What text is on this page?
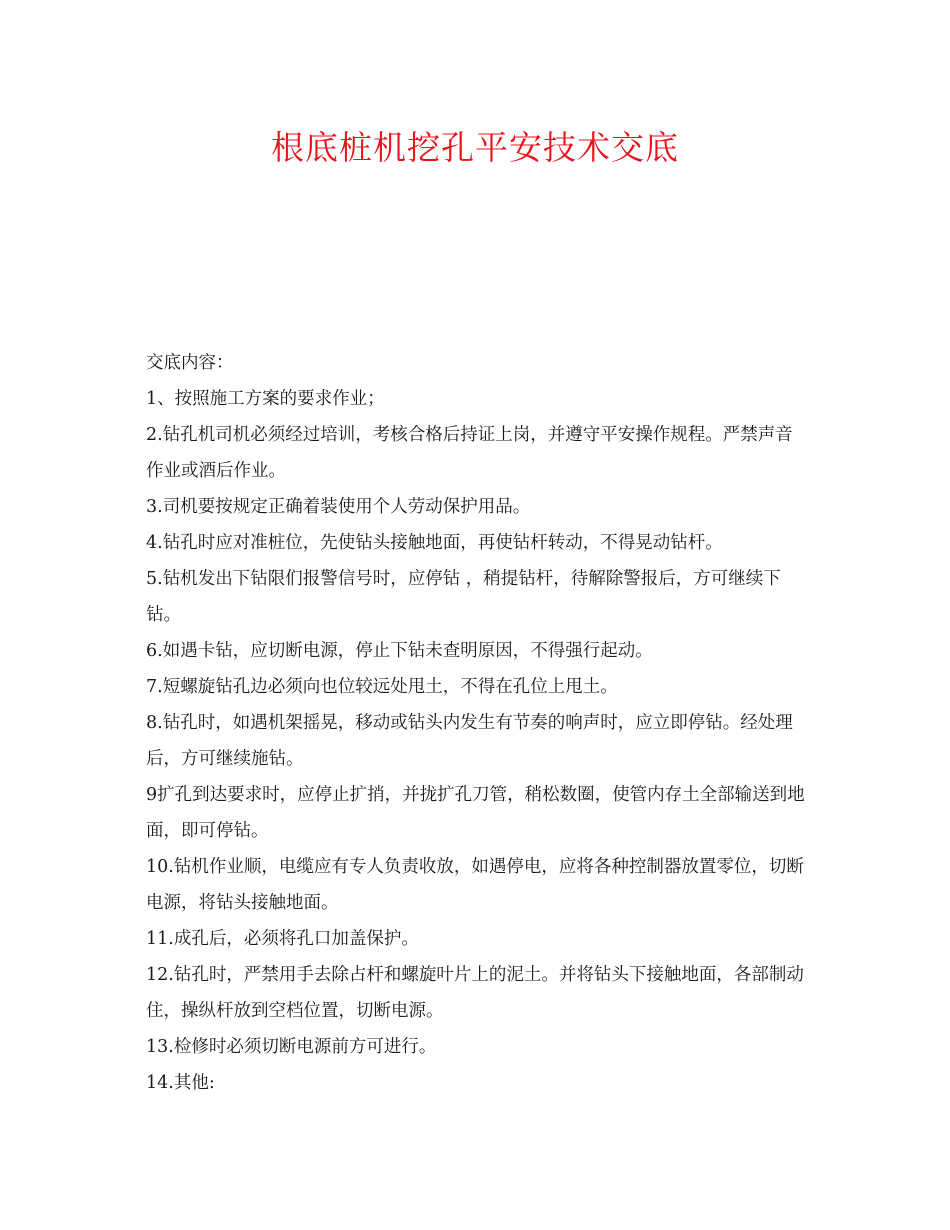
根底桩机挖孔平安技术交底

交底内容：

1、按照施工方案的要求作业；

2.钻孔机司机必须经过培训，考核合格后持证上岗，并遵守平安操作规程。严禁声音作业或酒后作业。

3.司机要按规定正确着装使用个人劳动保护用品。

4.钻孔时应对准桩位，先使钻头接触地面，再使钻杆转动，不得晃动钻杆。

5.钻机发出下钻限们报警信号时，应停钻 ，稍提钻杆，待解除警报后，方可继续下钻。

6.如遇卡钻，应切断电源，停止下钻未查明原因，不得强行起动。

7.短螺旋钻孔边必须向也位较远处甩土，不得在孔位上甩土。

8.钻孔时，如遇机架摇晃，移动或钻头内发生有节奏的响声时，应立即停钻。经处理后，方可继续施钻。

9扩孔到达要求时，应停止扩捎，并拢扩孔刀管，稍松数圈，使管内存土全部输送到地面，即可停钻。

10.钻机作业顺，电缆应有专人负责收放，如遇停电，应将各种控制器放置零位，切断电源，将钻头接触地面。

11.成孔后，必须将孔口加盖保护。

12.钻孔时，严禁用手去除占杆和螺旋叶片上的泥土。并将钻头下接触地面，各部制动住，操纵杆放到空档位置，切断电源。

13.检修时必须切断电源前方可进行。

14.其他:
